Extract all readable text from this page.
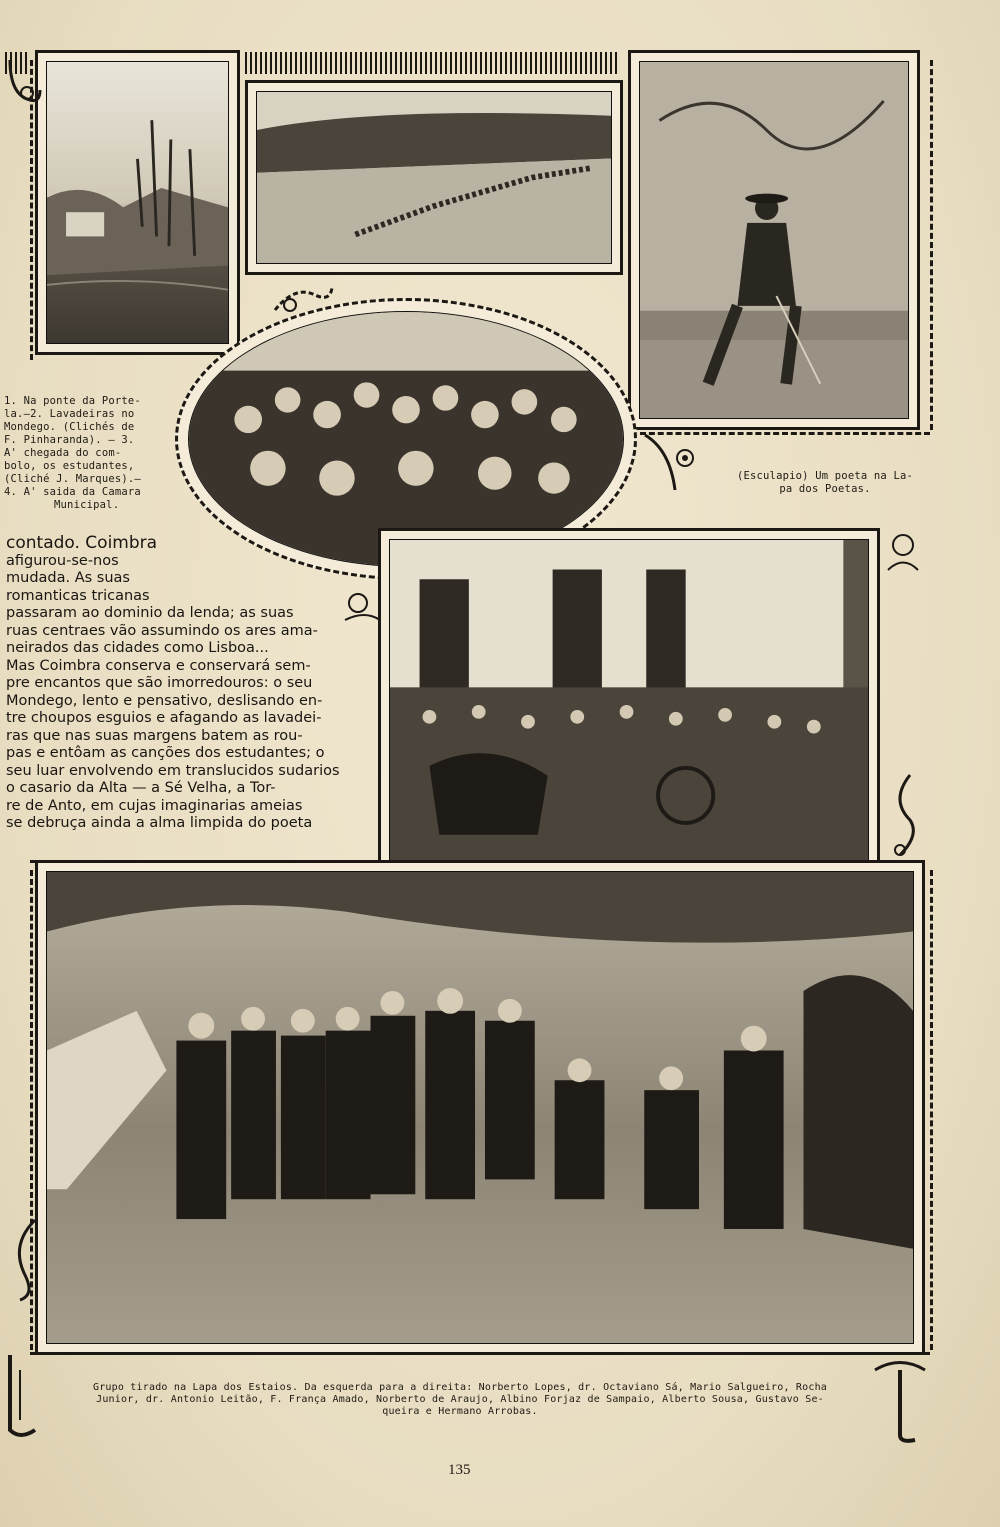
1. Na ponte da Porte-
la.—2. Lavadeiras no
Mondego. (Clichés de
F. Pinharanda). — 3.
A' chegada do com-
bolo, os estudantes,
(Cliché J. Marques).—
4. A' saida da Camara
Municipal.
(Esculapio) Um poeta na La-
pa dos Poetas.

contado. Coimbra

afigurou-se-nos

mudada. As suas

romanticas tricanas

passaram ao dominio da lenda; as suas

ruas centraes vão assumindo os ares ama-

neirados das cidades como Lisboa...

Mas Coimbra conserva e conservará sem-

pre encantos que são imorredouros: o seu

Mondego, lento e pensativo, deslisando en-

tre choupos esguios e afagando as lavadei-

ras que nas suas margens batem as rou-

pas e entôam as canções dos estudantes; o

seu luar envolvendo em translucidos sudarios

o casario da Alta — a Sé Velha, a Tor-

re de Anto, em cujas imaginarias ameias

se debruça ainda a alma limpida do poeta

Grupo tirado na Lapa dos Estaios. Da esquerda para a direita: Norberto Lopes, dr. Octaviano Sá, Mario Salgueiro, Rocha
Junior, dr. Antonio Leitão, F. França Amado, Norberto de Araujo, Albino Forjaz de Sampaio, Alberto Sousa, Gustavo Se-
queira e Hermano Arrobas.
135
